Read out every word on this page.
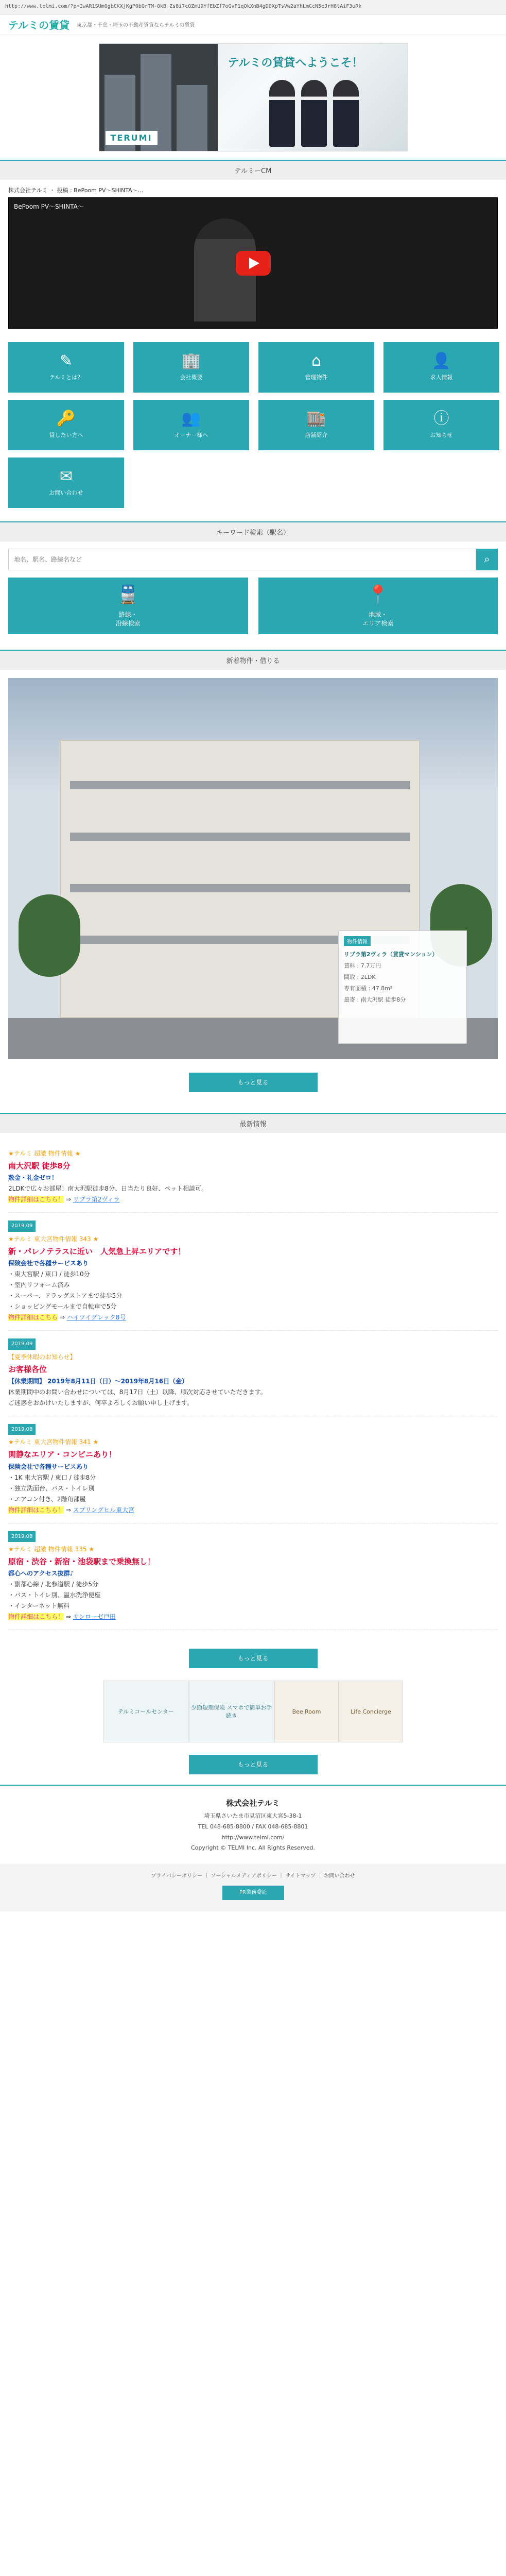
http://www.telmi.com/?p=IwAR1SUm0gbCKXjKgP0bQrTM-0kB_Zs8i7cQZmU9YfEbZf7oGvP1qQkXnB4gD0XpTsVw2aYhLmCcN5eJrH8tAiF3uRk
テルミの賃貸 東京都・千葉・埼玉の不動産賃貸ならテルミの賃貸
テルミの賃貸へようこそ！
TERUMI
テルミーCM
株式会社テルミ ・ 投稿 : BePoom PV〜SHINTA〜...
BePoom PV〜SHINTA〜
✎
テルミとは？
🏢
会社概要
⌂
管理物件
👤
求人情報
🔑
貸したい方へ
👥
オーナー様へ
🏬
店舗紹介
ⓘ
お知らせ
✉
お問い合わせ
キーワード検索（駅名）
地名、駅名、路線名など
⌕
🚆
路線・
沿線検索
📍
地域・
エリア検索
新着物件・借りる
物件情報
リブラ第2ヴィラ（賃貸マンション）
賃料 : 7.7万円
間取 : 2LDK
専有面積 : 47.8m²
最寄 : 南大沢駅 徒歩8分
もっと見る
最新情報
★テルミ 超激 物件情報 ★
南大沢駅 徒歩8分
敷金・礼金ゼロ！
2LDKで広々お部屋！南大沢駅徒歩8分、日当たり良好、ペット相談可。
物件詳細はこちら！ ⇒ リブラ第2ヴィラ
2019.09
★テルミ 東大宮物件情報 343 ★
新・パレノテラスに近い　人気急上昇エリアです！
保険会社で各種サービスあり
・東大宮駅 / 東口 / 徒歩10分
・室内リフォーム済み
・スーパー、ドラッグストアまで徒歩5分
・ショッピングモールまで自転車で5分
物件詳細はこちら ⇒ ハイツイグレック8号
2019.09
【夏季休暇のお知らせ】
お客様各位
【休業期間】 2019年8月11日（日）〜2019年8月16日（金）
休業期間中のお問い合わせについては、8月17日（土）以降、順次対応させていただきます。
ご迷惑をおかけいたしますが、何卒よろしくお願い申し上げます。
2019.08
★テルミ 東大宮物件情報 341 ★
閑静なエリア・コンビニあり！
保険会社で各種サービスあり
・1K 東大宮駅 / 東口 / 徒歩8分
・独立洗面台、バス・トイレ別
・エアコン付き、2階角部屋
物件詳細はこちら！ ⇒ スプリングヒル東大宮
2019.08
★テルミ 超激 物件情報 335 ★
原宿・渋谷・新宿・池袋駅まで乗換無し！
都心へのアクセス抜群♪
・副都心線 / 北参道駅 / 徒歩5分
・バス・トイレ別、温水洗浄便座
・インターネット無料
物件詳細はこちら！ ⇒ サンローゼ戸田
もっと見る
テルミコールセンター
少額短期保険 スマホで簡単お手続き
Bee Room	Life Concierge
もっと見る
株式会社テルミ
埼玉県さいたま市見沼区東大宮5-38-1
TEL 048-685-8800 / FAX 048-685-8801
http://www.telmi.com/
Copyright © TELMI Inc. All Rights Reserved.
プライバシーポリシー ｜ ソーシャルメディアポリシー ｜ サイトマップ ｜ お問い合わせ
PR業務委託
